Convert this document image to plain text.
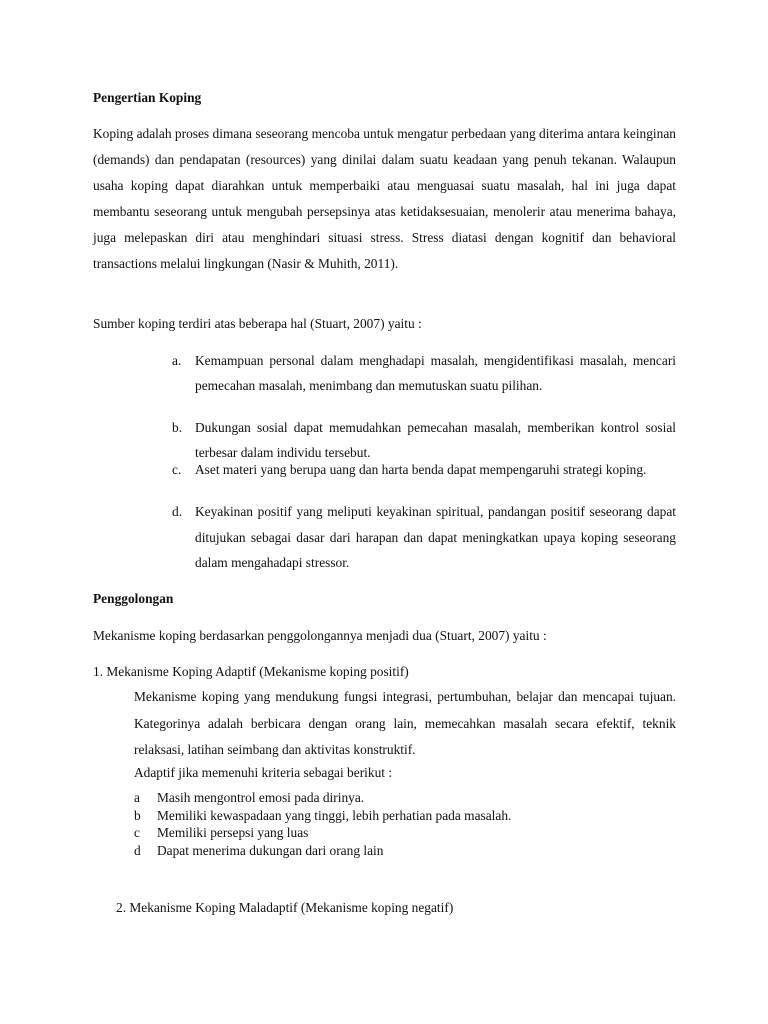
Pengertian Koping
Koping adalah proses dimana seseorang mencoba untuk mengatur perbedaan yang diterima antara keinginan (demands) dan pendapatan (resources) yang dinilai dalam suatu keadaan yang penuh tekanan. Walaupun usaha koping dapat diarahkan untuk memperbaiki atau menguasai suatu masalah, hal ini juga dapat membantu seseorang untuk mengubah persepsinya atas ketidaksesuaian, menolerir atau menerima bahaya, juga melepaskan diri atau menghindari situasi stress. Stress diatasi dengan kognitif dan behavioral transactions melalui lingkungan (Nasir & Muhith, 2011).
Sumber koping terdiri atas beberapa hal (Stuart, 2007) yaitu :
a. Kemampuan personal dalam menghadapi masalah, mengidentifikasi masalah, mencari pemecahan masalah, menimbang dan memutuskan suatu pilihan.
b. Dukungan sosial dapat memudahkan pemecahan masalah, memberikan kontrol sosial terbesar dalam individu tersebut.
c. Aset materi yang berupa uang dan harta benda dapat mempengaruhi strategi koping.
d. Keyakinan positif yang meliputi keyakinan spiritual, pandangan positif seseorang dapat ditujukan sebagai dasar dari harapan dan dapat meningkatkan upaya koping seseorang dalam mengahadapi stressor.
Penggolongan
Mekanisme koping berdasarkan penggolongannya menjadi dua (Stuart, 2007) yaitu :
1. Mekanisme Koping Adaptif (Mekanisme koping positif)
Mekanisme koping yang mendukung fungsi integrasi, pertumbuhan, belajar dan mencapai tujuan. Kategorinya adalah berbicara dengan orang lain, memecahkan masalah secara efektif, teknik relaksasi, latihan seimbang dan aktivitas konstruktif.
Adaptif jika memenuhi kriteria sebagai berikut :
a Masih mengontrol emosi pada dirinya.
b Memiliki kewaspadaan yang tinggi, lebih perhatian pada masalah.
c Memiliki persepsi yang luas
d Dapat menerima dukungan dari orang lain
2. Mekanisme Koping Maladaptif (Mekanisme koping negatif)
